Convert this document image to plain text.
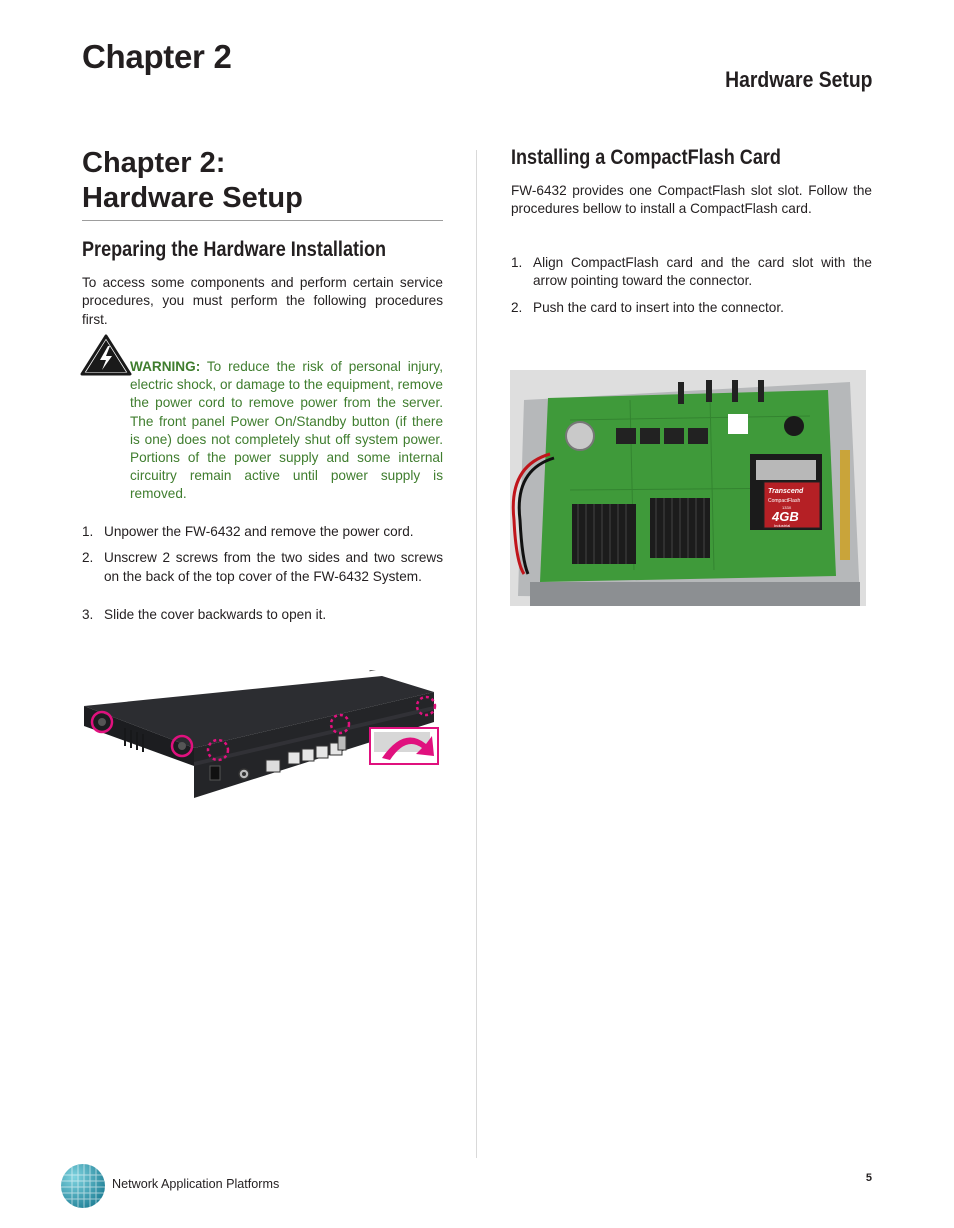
Chapter 2
Hardware Setup
Chapter 2:
Hardware Setup
Preparing the Hardware Installation
To access some components and perform certain service procedures, you must perform the following procedures first.
WARNING: To reduce the risk of personal injury, electric shock, or damage to the equipment, remove the power cord to remove power from the server. The front panel Power On/Standby button (if there is one) does not completely shut off system power. Portions of the power supply and some internal circuitry remain active until power supply is removed.
1. Unpower the FW-6432 and remove the power cord.
2. Unscrew 2 screws from the two sides and two screws on the back of the top cover of the FW-6432 System.
3. Slide the cover backwards to open it.
Installing a CompactFlash Card
FW-6432 provides one CompactFlash slot slot. Follow the procedures bellow to install a CompactFlash card.
1. Align CompactFlash card and the card slot with the arrow pointing toward the connector.
2. Push the card to insert into the connector.
Transcend
CompactFlash
133X
4GB
Industrial
Network Application Platforms	5
